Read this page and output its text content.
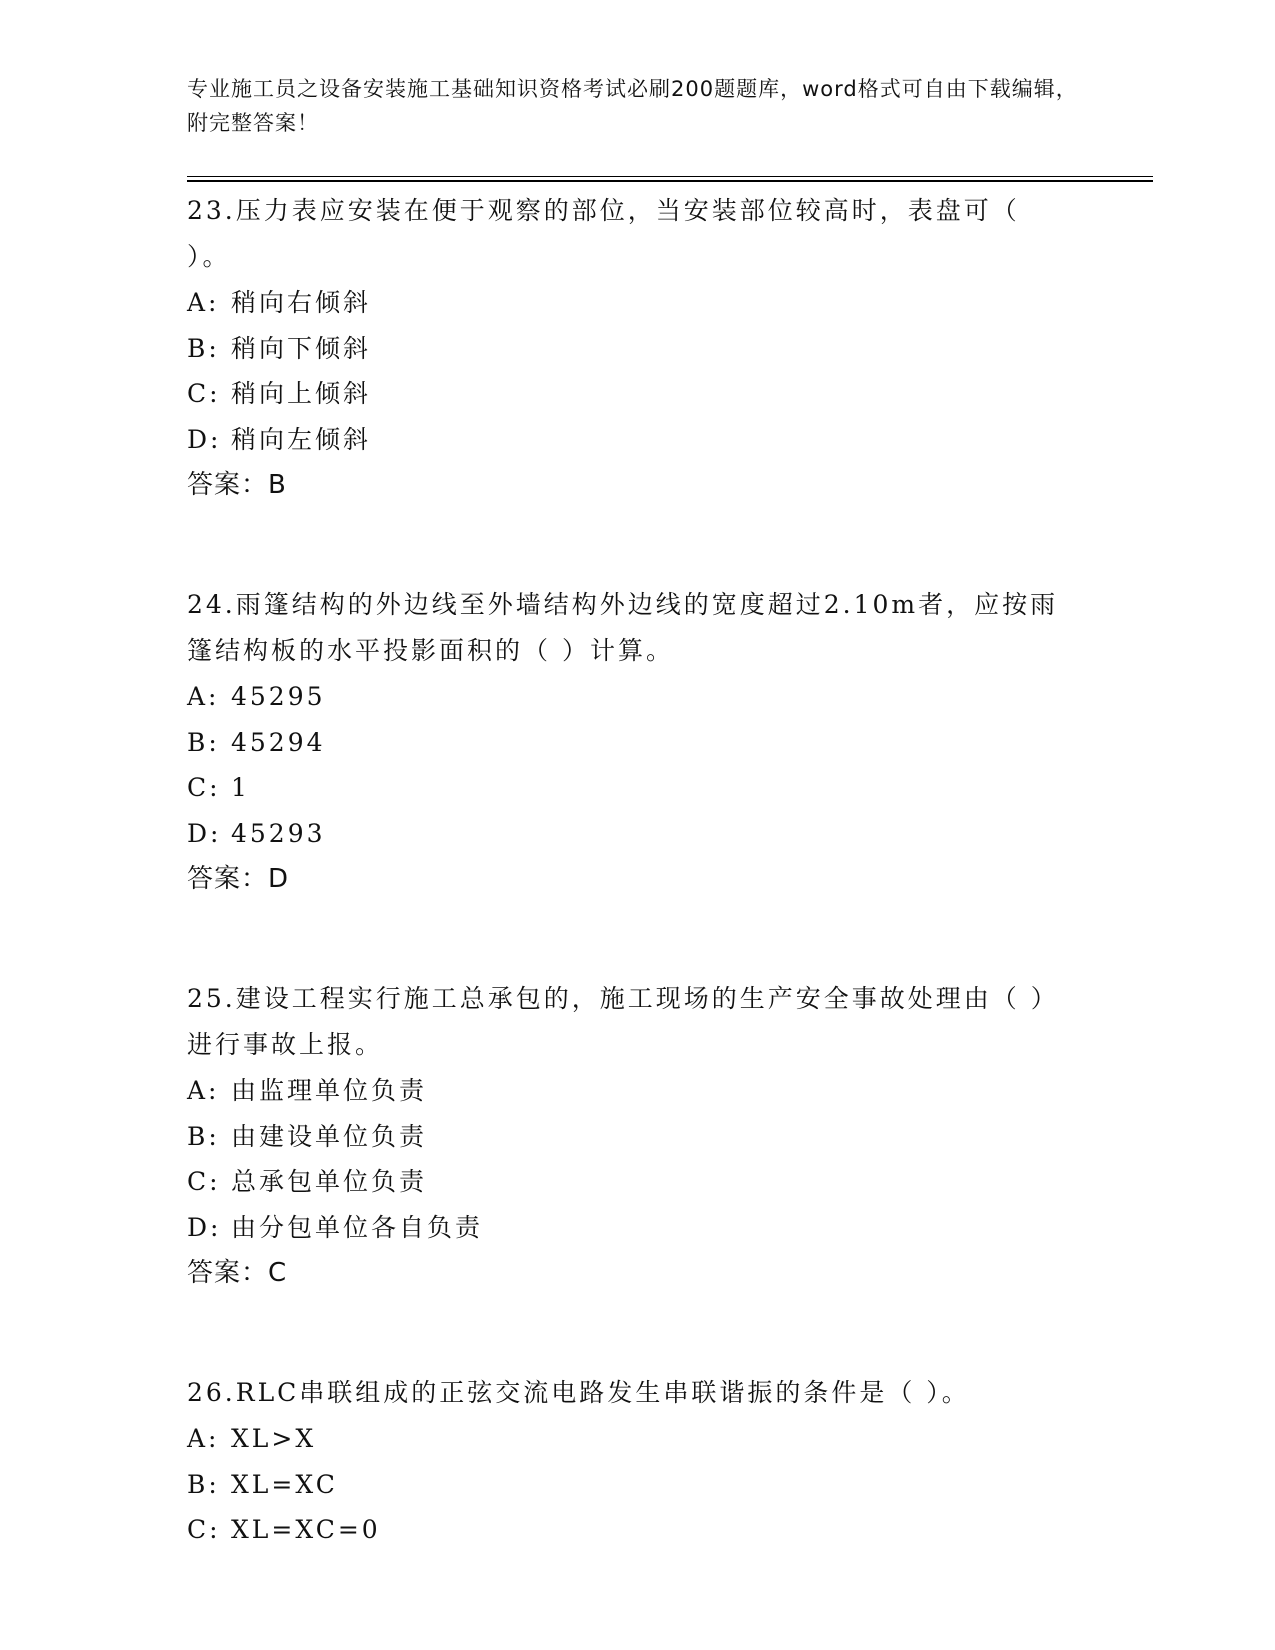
专业施工员之设备安装施工基础知识资格考试必刷200题题库，word格式可自由下载编辑，附完整答案！
23.压力表应安装在便于观察的部位，当安装部位较高时，表盘可（ ）。
A: 稍向右倾斜
B: 稍向下倾斜
C: 稍向上倾斜
D: 稍向左倾斜
答案：B
24.雨篷结构的外边线至外墙结构外边线的宽度超过2.10m者，应按雨篷结构板的水平投影面积的（ ）计算。
A: 45295
B: 45294
C: 1
D: 45293
答案：D
25.建设工程实行施工总承包的，施工现场的生产安全事故处理由（ ）进行事故上报。
A: 由监理单位负责
B: 由建设单位负责
C: 总承包单位负责
D: 由分包单位各自负责
答案：C
26.RLC串联组成的正弦交流电路发生串联谐振的条件是（ ）。
A: XL>X
B: XL=XC
C: XL=XC=0
